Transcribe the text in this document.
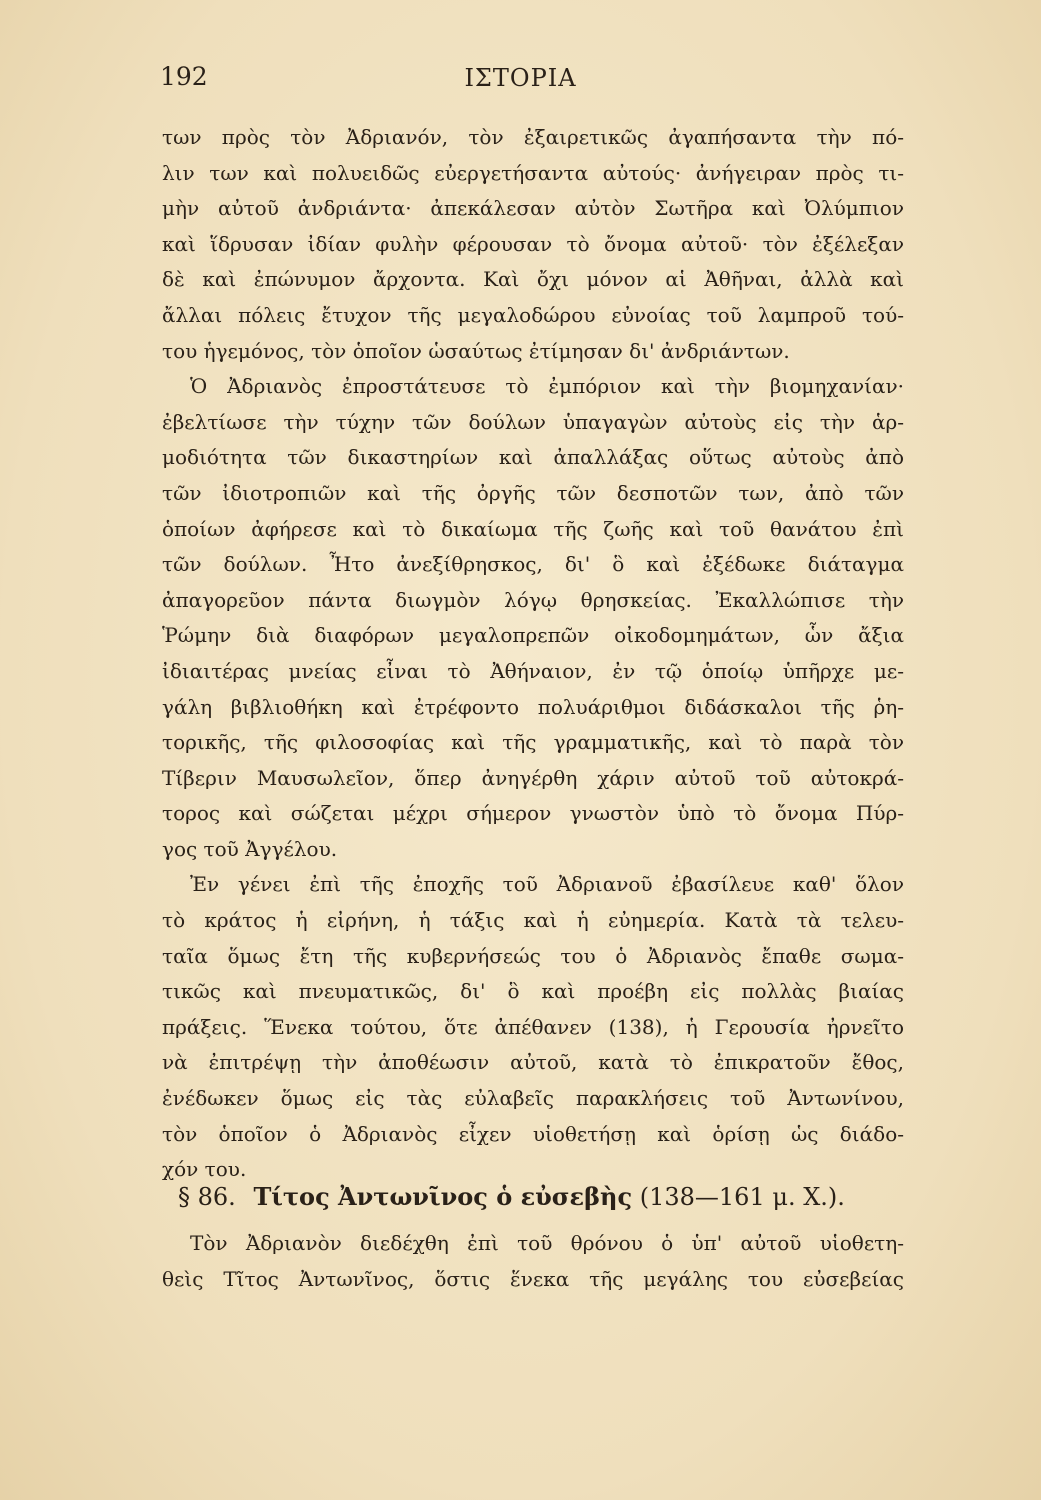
192	ΙΣΤΟΡΙΑ
των πρὸς τὸν Ἀδριανόν, τὸν ἐξαιρετικῶς ἀγαπήσαντα τὴν πό-
λιν των καὶ πολυειδῶς εὐεργετήσαντα αὐτούς· ἀνήγειραν πρὸς τι-
μὴν αὐτοῦ ἀνδριάντα· ἀπεκάλεσαν αὐτὸν Σωτῆρα καὶ Ὀλύμπιον
καὶ ἵδρυσαν ἰδίαν φυλὴν φέρουσαν τὸ ὄνομα αὐτοῦ· τὸν ἐξέλεξαν
δὲ καὶ ἐπώνυμον ἄρχοντα. Καὶ ὄχι μόνον αἱ Ἀθῆναι, ἀλλὰ καὶ
ἄλλαι πόλεις ἔτυχον τῆς μεγαλοδώρου εὐνοίας τοῦ λαμπροῦ τού-
του ἡγεμόνος, τὸν ὁποῖον ὡσαύτως ἐτίμησαν δι' ἀνδριάντων.
Ὁ Ἀδριανὸς ἐπροστάτευσε τὸ ἐμπόριον καὶ τὴν βιομηχανίαν·
ἐβελτίωσε τὴν τύχην τῶν δούλων ὑπαγαγὼν αὐτοὺς εἰς τὴν ἁρ-
μοδιότητα τῶν δικαστηρίων καὶ ἀπαλλάξας οὕτως αὐτοὺς ἀπὸ
τῶν ἰδιοτροπιῶν καὶ τῆς ὀργῆς τῶν δεσποτῶν των, ἀπὸ τῶν
ὁποίων ἀφήρεσε καὶ τὸ δικαίωμα τῆς ζωῆς καὶ τοῦ θανάτου ἐπὶ
τῶν δούλων. Ἦτο ἀνεξίθρησκος, δι' ὃ καὶ ἐξέδωκε διάταγμα
ἀπαγορεῦον πάντα διωγμὸν λόγῳ θρησκείας. Ἐκαλλώπισε τὴν
Ῥώμην διὰ διαφόρων μεγαλοπρεπῶν οἰκοδομημάτων, ὧν ἄξια
ἰδιαιτέρας μνείας εἶναι τὸ Ἀθήναιον, ἐν τῷ ὁποίῳ ὑπῆρχε με-
γάλη βιβλιοθήκη καὶ ἐτρέφοντο πολυάριθμοι διδάσκαλοι τῆς ῥη-
τορικῆς, τῆς φιλοσοφίας καὶ τῆς γραμματικῆς, καὶ τὸ παρὰ τὸν
Τίβεριν Μαυσωλεῖον, ὅπερ ἀνηγέρθη χάριν αὐτοῦ τοῦ αὐτοκρά-
τορος καὶ σώζεται μέχρι σήμερον γνωστὸν ὑπὸ τὸ ὄνομα Πύρ-
γος τοῦ Ἀγγέλου.
Ἐν γένει ἐπὶ τῆς ἐποχῆς τοῦ Ἀδριανοῦ ἐβασίλευε καθ' ὅλον
τὸ κράτος ἡ εἰρήνη, ἡ τάξις καὶ ἡ εὐημερία. Κατὰ τὰ τελευ-
ταῖα ὅμως ἔτη τῆς κυβερνήσεώς του ὁ Ἀδριανὸς ἔπαθε σωμα-
τικῶς καὶ πνευματικῶς, δι' ὃ καὶ προέβη εἰς πολλὰς βιαίας
πράξεις. Ἕνεκα τούτου, ὅτε ἀπέθανεν (138), ἡ Γερουσία ἠρνεῖτο
νὰ ἐπιτρέψῃ τὴν ἀποθέωσιν αὐτοῦ, κατὰ τὸ ἐπικρατοῦν ἔθος,
ἐνέδωκεν ὅμως εἰς τὰς εὐλαβεῖς παρακλήσεις τοῦ Ἀντωνίνου,
τὸν ὁποῖον ὁ Ἀδριανὸς εἶχεν υἱοθετήσῃ καὶ ὁρίσῃ ὡς διάδο-
χόν του.
§ 86. Τίτος Ἀντωνῖνος ὁ εὐσεβὴς (138—161 μ. Χ.).
Τὸν Ἀδριανὸν διεδέχθη ἐπὶ τοῦ θρόνου ὁ ὑπ' αὐτοῦ υἱοθετη-
θεὶς Τῖτος Ἀντωνῖνος, ὅστις ἕνεκα τῆς μεγάλης του εὐσεβείας
